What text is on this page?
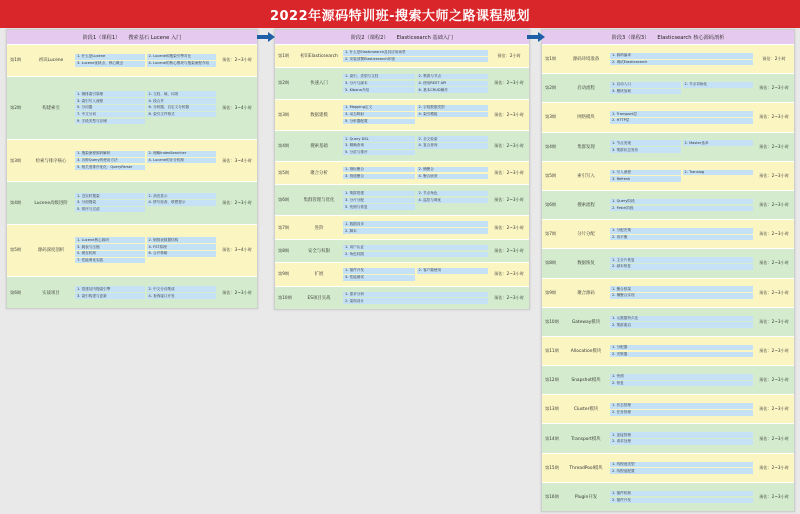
2022年源码特训班-搜索大师之路课程规划
阶段1（课程1） 搜索基石 Lucene 入门
第1期	初识Lucene
1. 什么是Lucene	2. Lucene和搜索引擎对比
3. Lucene优缺点、核心概念	4. Lucene的核心模块与搜索流程介绍
预估：2~3小时
第2期	构建索引
1. 倒排索引原理	2. 文档、域、词项
3. 索引写入流程	4. 段合并
5. 分词器	6. 分析器、自定义分析器
7. 中文分词	8. 索引文件格式
9. 字段类型与存储
预估：3~4小时
第3期	检索与排序核心
1. 搜索流程源码解析	2. 理解IndexSearcher
3. 各种Query的使用方法	4. Lucene的评分机制
5. 相关度排序优化：QueryParser
预估：3~4小时
第4期	Lucene高级进阶
1. 近实时搜索	2. 高亮显示
3. 分面搜索	4. 拼写检查、联想提示
5. 排序与过滤
预估：2~3小时
第5期	源码深度剖析
1. Lucene核心源码	2. 倒排表数据结构
3. 跳表与压缩	4. FST原理
5. 缓存机制	6. 合并策略
7. 性能调优实践
预估：3~4小时
第6期	实战项目
1. 搭建站内搜索引擎	2. 中文分词集成
3. 索引构建与更新	4. 查询接口开发
预估：2~3小时
阶段2（课程2） Elasticsearch 基础入门
第1期	初识Elasticsearch
1. 什么是Elasticsearch及其应用场景
2. 安装部署Elasticsearch环境
预估：2小时
第2期	快速入门
1. 索引、类型与文档	2. 集群与节点
3. 分片与副本	4. 使用REST API
5. Kibana介绍	6. 基本CRUD操作
预估：2~3小时
第3期	数据建模
1. Mapping定义	2. 字段数据类型
3. 动态映射	4. 索引模板
5. 分析器配置
预估：2~3小时
第4期	搜索基础
1. Query DSL	2. 全文检索
3. 精确查询	4. 复合查询
5. 分页与排序
预估：2~3小时
第5期	聚合分析
1. 指标聚合	2. 桶聚合
3. 管道聚合	4. 聚合嵌套
预估：2~3小时
第6期	集群管理与优化
1. 集群搭建	2. 节点角色
3. 分片分配	4. 监控与调优
5. 快照与恢复
预估：2~3小时
第7期	进阶
1. 数据同步
2. 脚本
预估：2~3小时
第8期	安全与权限
1. 用户认证
2. 角色权限
预估：2~3小时
第9期	扩展
1. 插件开发	2. 客户端使用
3. 性能测试
预估：2~3小时
第10期	ES项目实战
1. 需求分析
2. 架构设计
预估：2~3小时
阶段3（课程3） Elasticsearch 核心源码剖析
第1期	源码环境准备
1. 源码编译
2. 调试Elasticsearch
预估：2小时
第2期	启动流程
1. 启动入口	2. 节点初始化
3. 模块加载
预估：2~3小时
第3期	网络模块
1. Transport层
2. HTTP层
预估：2~3小时
第4期	集群发现
1. 节点发现	2. Master选举
3. 集群状态发布
预估：2~3小时
第5期	索引写入
1. 写入流程	2. Translog
3. Refresh
预估：2~3小时
第6期	搜索流程
1. Query阶段
2. Fetch阶段
预估：2~3小时
第7期	分片分配
1. 分配决策
2. 再平衡
预估：2~3小时
第8期	数据恢复
1. 主分片恢复
2. 副本恢复
预估：2~3小时
第9期	聚合源码
1. 聚合框架
2. 桶聚合实现
预估：2~3小时
第10期	Gateway模块
1. 元数据持久化
2. 集群重启
预估：2~3小时
第11期	Allocation模块
1. 分配器
2. 决策器
预估：2~3小时
第12期	Snapshot模块
1. 快照
2. 恢复
预估：2~3小时
第13期	Cluster模块
1. 状态管理
2. 任务管理
预估：2~3小时
第14期	Transport模块
1. 连接管理
2. 请求处理
预估：2~3小时
第15期	ThreadPool模块
1. 线程池类型
2. 线程池配置
预估：2~3小时
第16期	Plugin开发
1. 插件机制
2. 插件开发
预估：2~3小时
